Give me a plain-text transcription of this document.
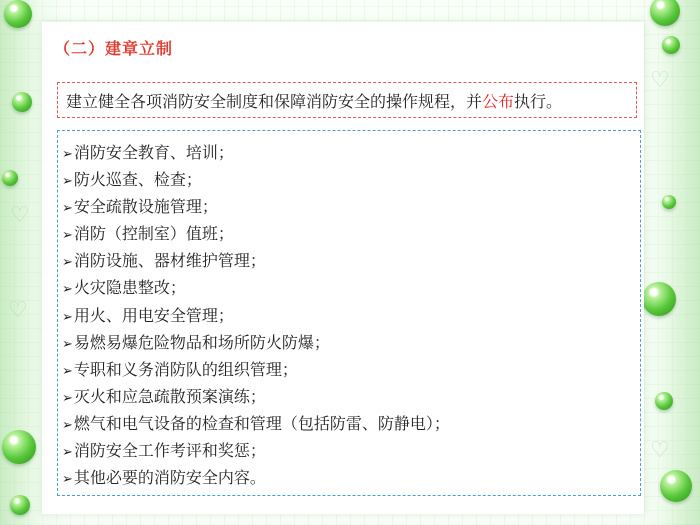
♡
♡
♡
♡
（二）建章立制
建立健全各项消防安全制度和保障消防安全的操作规程，并公布执行。
➢消防安全教育、培训；
➢防火巡查、检查；
➢安全疏散设施管理；
➢消防（控制室）值班；
➢消防设施、器材维护管理；
➢火灾隐患整改；
➢用火、用电安全管理；
➢易燃易爆危险物品和场所防火防爆；
➢专职和义务消防队的组织管理；
➢灭火和应急疏散预案演练；
➢燃气和电气设备的检查和管理（包括防雷、防静电）；
➢消防安全工作考评和奖惩；
➢其他必要的消防安全内容。
